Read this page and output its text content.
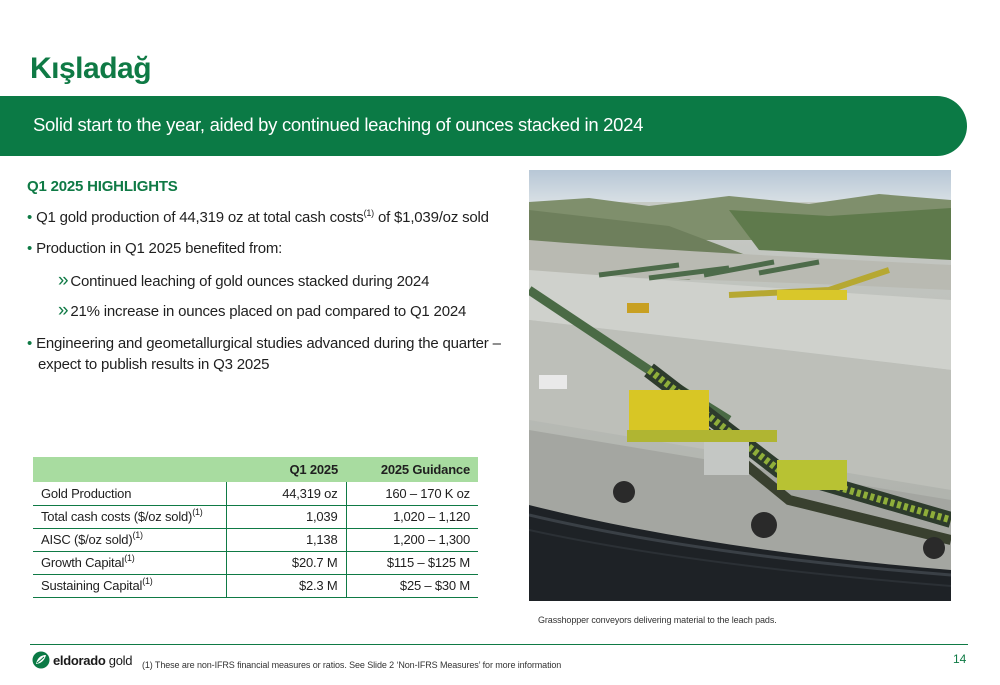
Kışladağ
Solid start to the year, aided by continued leaching of ounces stacked in 2024
Q1 2025 HIGHLIGHTS
• Q1 gold production of 44,319 oz at total cash costs$^{(1)}$ of $1,039/oz sold
• Production in Q1 2025 benefited from:
» Continued leaching of gold ounces stacked during 2024
» 21% increase in ounces placed on pad compared to Q1 2024
• Engineering and geometallurgical studies advanced during the quarter –
expect to publish results in Q3 2025
	Q1 2025	2025 Guidance
Gold Production	44,319 oz	160 – 170 K oz
Total cash costs ($/oz sold)$^{(1)}$	1,039	1,020 – 1,120
AISC ($/oz sold)$^{(1)}$	1,138	1,200 – 1,300
Growth Capital$^{(1)}$	$20.7 M	$115 – $125 M
Sustaining Capital$^{(1)}$	$2.3 M	$25 – $30 M
Grasshopper conveyors delivering material to the leach pads.
eldorado gold (1) These are non-IFRS financial measures or ratios. See Slide 2 ‘Non-IFRS Measures’ for more information	14
